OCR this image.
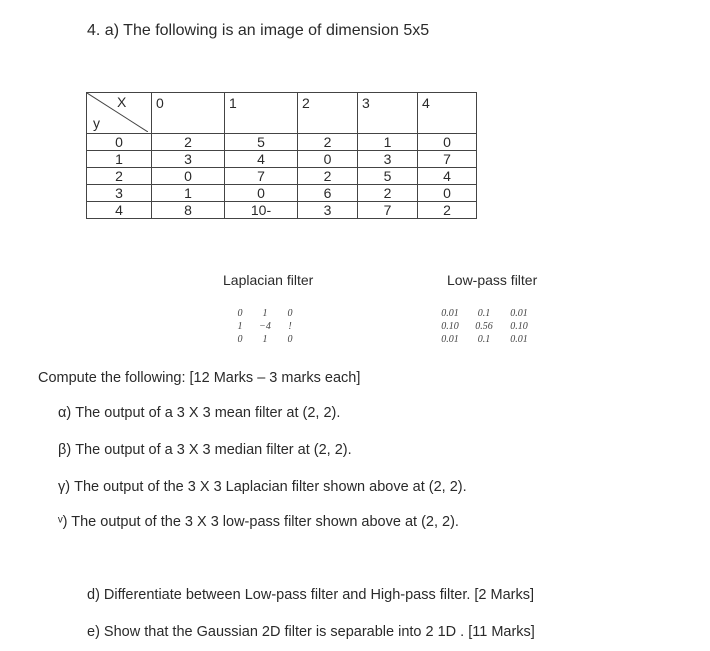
4. a) The following is an image of dimension 5x5
X
y	0	1	2	3	4
0	2	5	2	1	0
1	3	4	0	3	7
2	0	7	2	5	4
3	1	0	6	2	0
4	8	10-	3	7	2
Laplacian filter	Low-pass filter
0	1	0
1	−4	!
0	1	0
0.01	0.1	0.01
0.10	0.56	0.10
0.01	0.1	0.01
Compute the following: [12 Marks – 3 marks each]
α) The output of a 3 X 3 mean filter at (2, 2).
β) The output of a 3 X 3 median filter at (2, 2).
γ) The output of the 3 X 3 Laplacian filter shown above at (2, 2).
ᵛ) The output of the 3 X 3 low-pass filter shown above at (2, 2).
d) Differentiate between Low-pass filter and High-pass filter. [2 Marks]
e) Show that the Gaussian 2D filter is separable into 2 1D . [11 Marks]
